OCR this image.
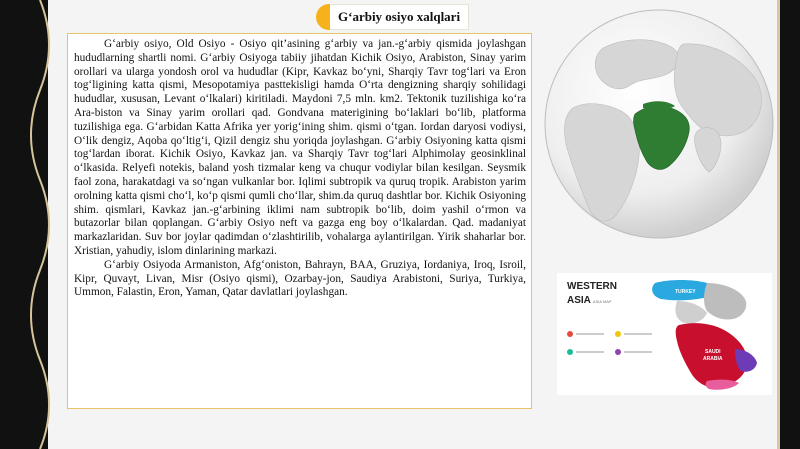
G‘arbiy osiyo xalqlari

G‘arbiy osiyo, Old Osiyo - Osiyo qit’asining g‘arbiy va jan.-g‘arbiy qismida joylashgan hududlarning shartli nomi. G‘arbiy Osiyoga tabiiy jihatdan Kichik Osiyo, Arabiston, Sinay yarim orollari va ularga yondosh orol va hududlar (Kipr, Kavkaz bo‘yni, Sharqiy Tavr tog‘lari va Eron tog‘ligining katta qismi, Mesopotamiya pasttekisligi hamda O‘rta dengizning sharqiy sohilidagi hududlar, xususan, Levant o‘lkalari) kiritiladi. Maydoni 7,5 mln. km2. Tektonik tuzilishiga ko‘ra Ara-biston va Sinay yarim orollari qad. Gondvana materigining bo‘laklari bo‘lib, platforma tuzilishiga ega. G‘arbidan Katta Afrika yer yorig‘ining shim. qismi o‘tgan. Iordan daryosi vodiysi, O‘lik dengiz, Aqoba qo‘ltig‘i, Qizil dengiz shu yoriqda joylashgan. G‘arbiy Osiyoning katta qismi tog‘lardan iborat. Kichik Osiyo, Kavkaz jan. va Sharqiy Tavr tog‘lari Alphimolay geosinklinal o‘lkasida. Relyefi notekis, baland yosh tizmalar keng va chuqur vodiylar bilan kesilgan. Seysmik faol zona, harakatdagi va so‘ngan vulkanlar bor. Iqlimi subtropik va quruq tropik. Arabiston yarim orolning katta qismi cho‘l, ko‘p qismi qumli cho‘llar, shim.da quruq dashtlar bor. Kichik Osiyoning shim. qismlari, Kavkaz jan.-g‘arbining iklimi nam subtropik bo‘lib, doim yashil o‘rmon va butazorlar bilan qoplangan. G‘arbiy Osiyo neft va gazga eng boy o‘lkalardan. Qad. madaniyat markazlaridan. Suv bor joylar qadimdan o‘zlashtirilib, vohalarga aylantirilgan. Yirik shaharlar bor. Xristian, yahudiy, islom dinlarining markazi.

G‘arbiy Osiyoda Armaniston, Afg‘oniston, Bahrayn, BAA, Gruziya, Iordaniya, Iroq, Isroil, Kipr, Quvayt, Livan, Misr (Osiyo qismi), Ozarbay-jon, Saudiya Arabistoni, Suriya, Turkiya, Ummon, Falastin, Eron, Yaman, Qatar davlatlari joylashgan.	TURKEY
SAUDI
ARABIA
WESTERN
ASIA ASIA MAP
